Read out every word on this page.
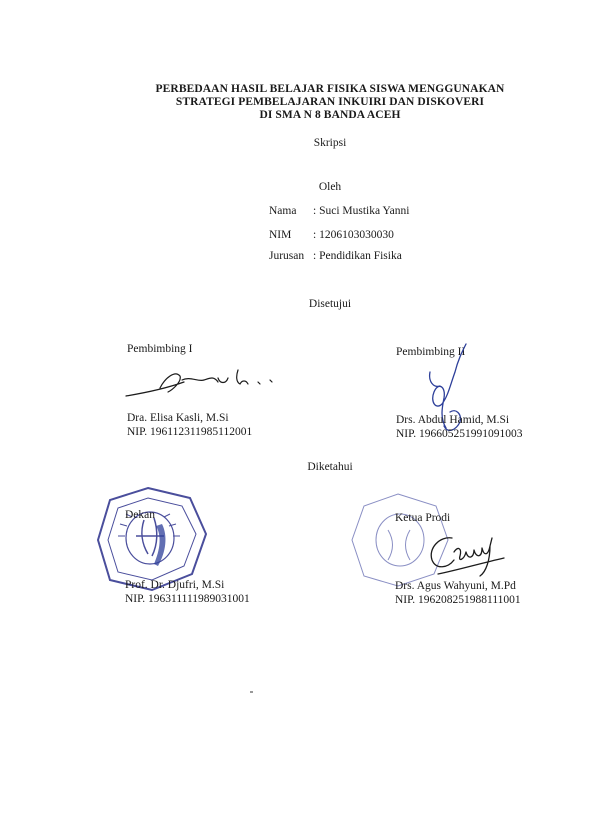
PERBEDAAN HASIL BELAJAR FISIKA SISWA MENGGUNAKAN
STRATEGI PEMBELAJARAN INKUIRI DAN DISKOVERI
DI SMA N 8 BANDA ACEH
Skripsi
Oleh
Nama	: Suci Mustika Yanni
NIM	: 1206103030030
Jurusan : Pendidikan Fisika
Disetujui
Pembimbing I
Dra. Elisa Kasli, M.Si
NIP. 196112311985112001
Pembimbing II
Drs. Abdul Hamid, M.Si
NIP. 196605251991091003
Diketahui
Dekan
Prof. Dr. Djufri, M.Si
NIP. 196311111989031001
Ketua Prodi
Drs. Agus Wahyuni, M.Pd
NIP. 196208251988111001
